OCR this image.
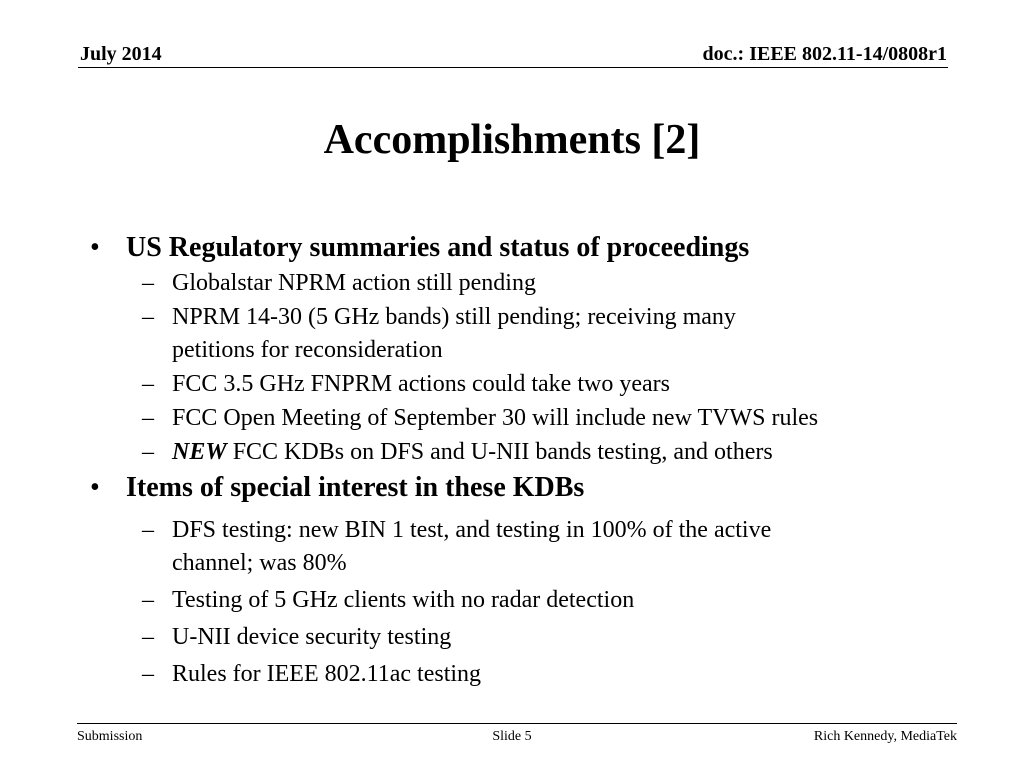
July 2014	doc.: IEEE 802.11-14/0808r1
Accomplishments [2]
• US Regulatory summaries and status of proceedings
– Globalstar NPRM action still pending
– NPRM 14-30 (5 GHz bands) still pending; receiving many
petitions for reconsideration
– FCC 3.5 GHz FNPRM actions could take two years
– FCC Open Meeting of September 30 will include new TVWS rules
– NEW FCC KDBs on DFS and U-NII bands testing, and others
• Items of special interest in these KDBs
– DFS testing: new BIN 1 test, and testing in 100% of the active
channel; was 80%
– Testing of 5 GHz clients with no radar detection
– U-NII device security testing
– Rules for IEEE 802.11ac testing
Submission	Slide 5	Rich Kennedy, MediaTek
